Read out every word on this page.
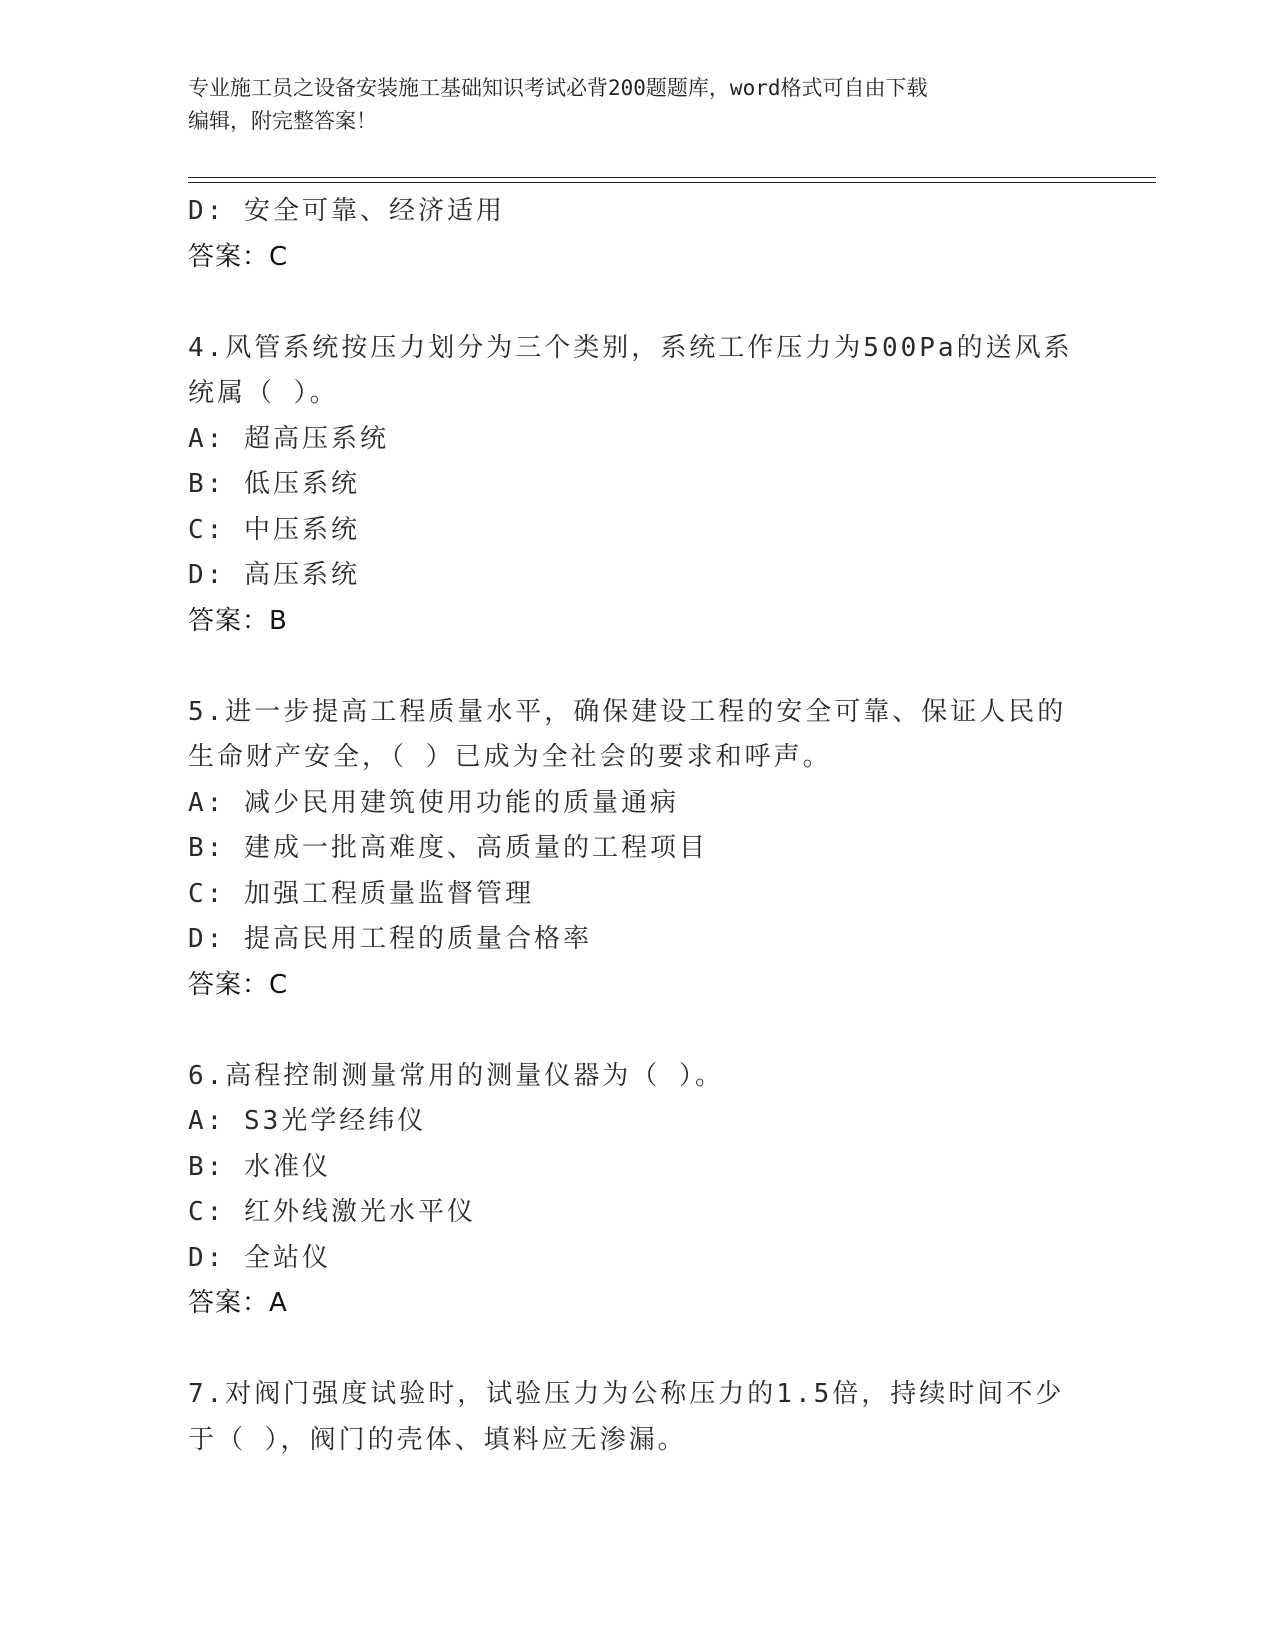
专业施工员之设备安装施工基础知识考试必背200题题库，word格式可自由下载
编辑，附完整答案！
D: 安全可靠、经济适用
答案：C
4.风管系统按压力划分为三个类别，系统工作压力为500Pa的送风系
统属（ ）。
A: 超高压系统
B: 低压系统
C: 中压系统
D: 高压系统
答案：B
5.进一步提高工程质量水平，确保建设工程的安全可靠、保证人民的
生命财产安全，（ ）已成为全社会的要求和呼声。
A: 减少民用建筑使用功能的质量通病
B: 建成一批高难度、高质量的工程项目
C: 加强工程质量监督管理
D: 提高民用工程的质量合格率
答案：C
6.高程控制测量常用的测量仪器为（ ）。
A: S3光学经纬仪
B: 水准仪
C: 红外线激光水平仪
D: 全站仪
答案：A
7.对阀门强度试验时，试验压力为公称压力的1.5倍，持续时间不少
于（ ），阀门的壳体、填料应无渗漏。
